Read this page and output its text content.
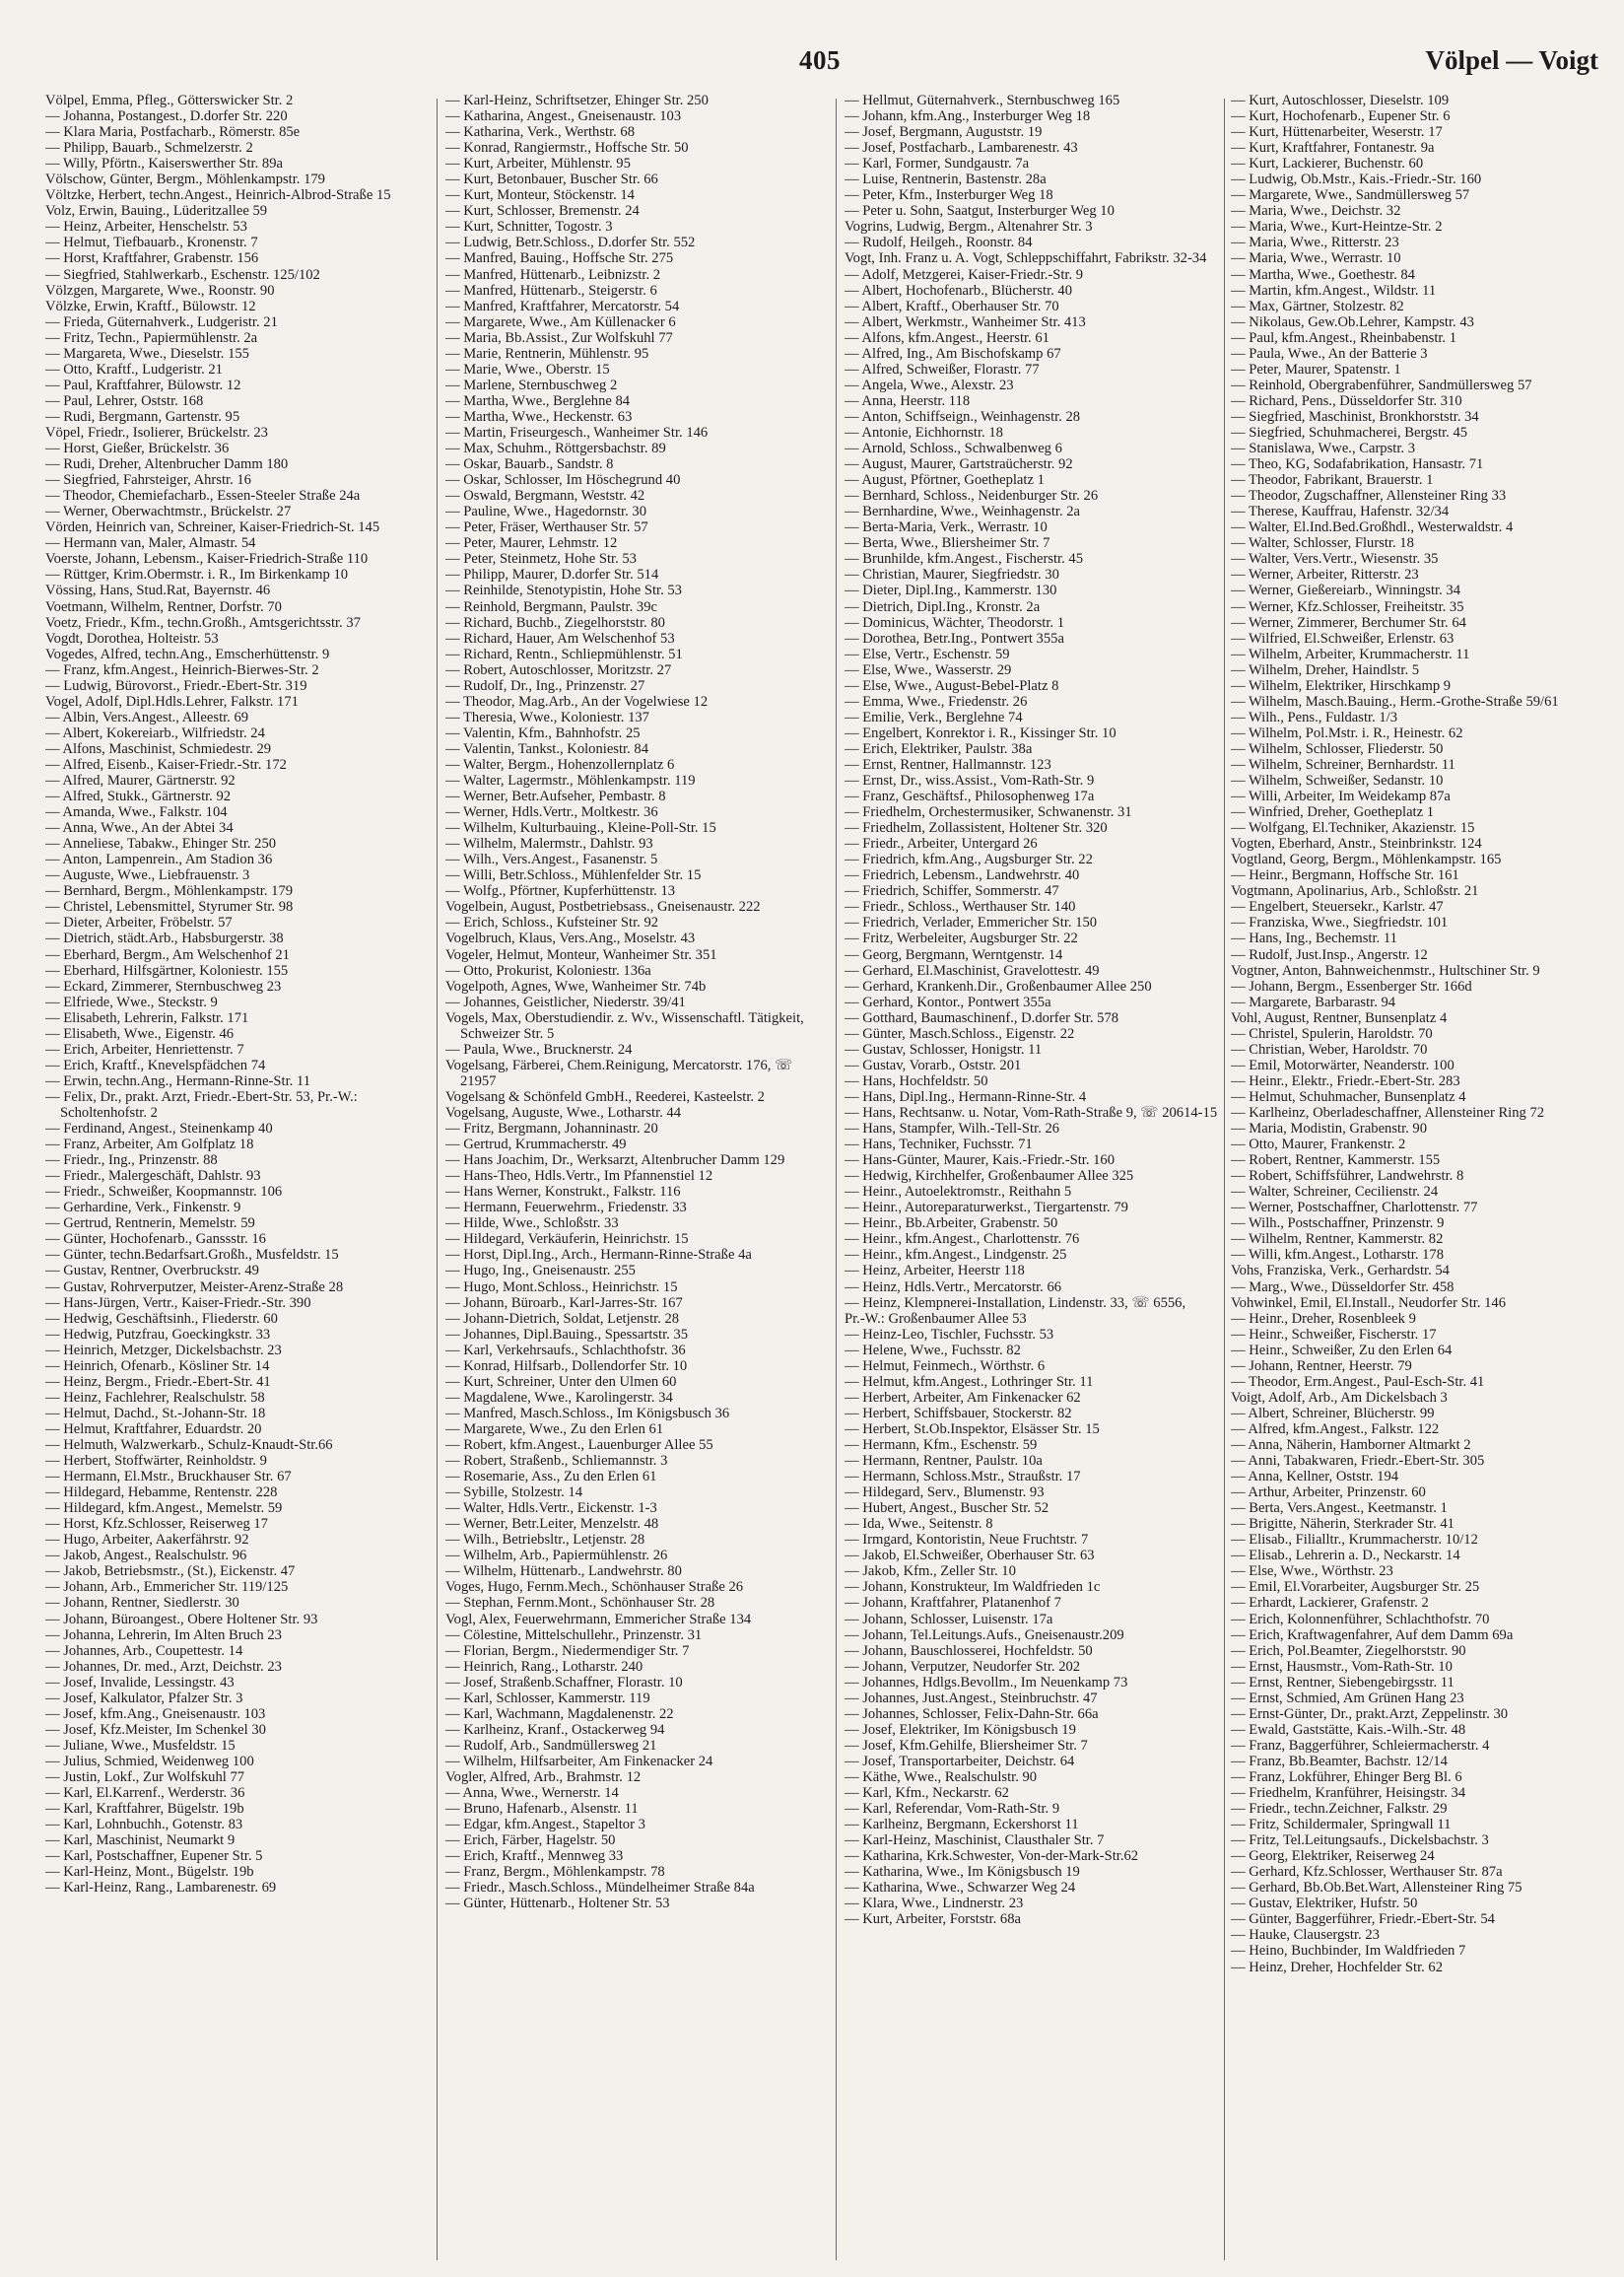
405	Völpel — Voigt
Völpel, Emma, Pfleg., Götterswicker Str. 2
— Johanna, Postangest., D.dorfer Str. 220
— Klara Maria, Postfacharb., Römerstr. 85e
— Philipp, Bauarb., Schmelzerstr. 2
— Willy, Pförtn., Kaiserswerther Str. 89a
Völschow, Günter, Bergm., Möhlenkampstr. 179
Völtzke, Herbert, techn.Angest., Heinrich-Albrod-Straße 15
Volz, Erwin, Bauing., Lüderitzallee 59
— Heinz, Arbeiter, Henschelstr. 53
— Helmut, Tiefbauarb., Kronenstr. 7
— Horst, Kraftfahrer, Grabenstr. 156
— Siegfried, Stahlwerkarb., Eschenstr. 125/102
Völzgen, Margarete, Wwe., Roonstr. 90
Völzke, Erwin, Kraftf., Bülowstr. 12
— Frieda, Güternahverk., Ludgeristr. 21
— Fritz, Techn., Papiermühlenstr. 2a
— Margareta, Wwe., Dieselstr. 155
— Otto, Kraftf., Ludgeristr. 21
— Paul, Kraftfahrer, Bülowstr. 12
— Paul, Lehrer, Oststr. 168
— Rudi, Bergmann, Gartenstr. 95
Vöpel, Friedr., Isolierer, Brückelstr. 23
— Horst, Gießer, Brückelstr. 36
— Rudi, Dreher, Altenbrucher Damm 180
— Siegfried, Fahrsteiger, Ahrstr. 16
— Theodor, Chemiefacharb., Essen-Steeler Straße 24a
— Werner, Oberwachtmstr., Brückelstr. 27
Vörden, Heinrich van, Schreiner, Kaiser-Friedrich-St. 145
— Hermann van, Maler, Almastr. 54
Voerste, Johann, Lebensm., Kaiser-Friedrich-Straße 110
— Rüttger, Krim.Obermstr. i. R., Im Birkenkamp 10
Vössing, Hans, Stud.Rat, Bayernstr. 46
Voetmann, Wilhelm, Rentner, Dorfstr. 70
Voetz, Friedr., Kfm., techn.Großh., Amtsgerichtsstr. 37
Vogdt, Dorothea, Holteistr. 53
Vogedes, Alfred, techn.Ang., Emscherhüttenstr. 9
— Franz, kfm.Angest., Heinrich-Bierwes-Str. 2
— Ludwig, Bürovorst., Friedr.-Ebert-Str. 319
Vogel, Adolf, Dipl.Hdls.Lehrer, Falkstr. 171
— Albin, Vers.Angest., Alleestr. 69
— Albert, Kokereiarb., Wilfriedstr. 24
— Alfons, Maschinist, Schmiedestr. 29
— Alfred, Eisenb., Kaiser-Friedr.-Str. 172
— Alfred, Maurer, Gärtnerstr. 92
— Alfred, Stukk., Gärtnerstr. 92
— Amanda, Wwe., Falkstr. 104
— Anna, Wwe., An der Abtei 34
— Anneliese, Tabakw., Ehinger Str. 250
— Anton, Lampenrein., Am Stadion 36
— Auguste, Wwe., Liebfrauenstr. 3
— Bernhard, Bergm., Möhlenkampstr. 179
— Christel, Lebensmittel, Styrumer Str. 98
— Dieter, Arbeiter, Fröbelstr. 57
— Dietrich, städt.Arb., Habsburgerstr. 38
— Eberhard, Bergm., Am Welschenhof 21
— Eberhard, Hilfsgärtner, Koloniestr. 155
— Eckard, Zimmerer, Sternbuschweg 23
— Elfriede, Wwe., Steckstr. 9
— Elisabeth, Lehrerin, Falkstr. 171
— Elisabeth, Wwe., Eigenstr. 46
— Erich, Arbeiter, Henriettenstr. 7
— Erich, Kraftf., Knevelspfädchen 74
— Erwin, techn.Ang., Hermann-Rinne-Str. 11
— Felix, Dr., prakt. Arzt, Friedr.-Ebert-Str. 53, Pr.-W.: Scholtenhofstr. 2
— Ferdinand, Angest., Steinenkamp 40
— Franz, Arbeiter, Am Golfplatz 18
— Friedr., Ing., Prinzenstr. 88
— Friedr., Malergeschäft, Dahlstr. 93
— Friedr., Schweißer, Koopmannstr. 106
— Gerhardine, Verk., Finkenstr. 9
— Gertrud, Rentnerin, Memelstr. 59
— Günter, Hochofenarb., Ganssstr. 16
— Günter, techn.Bedarfsart.Großh., Musfeldstr. 15
— Gustav, Rentner, Overbruckstr. 49
— Gustav, Rohrverputzer, Meister-Arenz-Straße 28
— Hans-Jürgen, Vertr., Kaiser-Friedr.-Str. 390
— Hedwig, Geschäftsinh., Fliederstr. 60
— Hedwig, Putzfrau, Goeckingkstr. 33
— Heinrich, Metzger, Dickelsbachstr. 23
— Heinrich, Ofenarb., Kösliner Str. 14
— Heinz, Bergm., Friedr.-Ebert-Str. 41
— Heinz, Fachlehrer, Realschulstr. 58
— Helmut, Dachd., St.-Johann-Str. 18
— Helmut, Kraftfahrer, Eduardstr. 20
— Helmuth, Walzwerkarb., Schulz-Knaudt-Str.66
— Herbert, Stoffwärter, Reinholdstr. 9
— Hermann, El.Mstr., Bruckhauser Str. 67
— Hildegard, Hebamme, Rentenstr. 228
— Hildegard, kfm.Angest., Memelstr. 59
— Horst, Kfz.Schlosser, Reiserweg 17
— Hugo, Arbeiter, Aakerfährstr. 92
— Jakob, Angest., Realschulstr. 96
— Jakob, Betriebsmstr., (St.), Eickenstr. 47
— Johann, Arb., Emmericher Str. 119/125
— Johann, Rentner, Siedlerstr. 30
— Johann, Büroangest., Obere Holtener Str. 93
— Johanna, Lehrerin, Im Alten Bruch 23
— Johannes, Arb., Coupettestr. 14
— Johannes, Dr. med., Arzt, Deichstr. 23
— Josef, Invalide, Lessingstr. 43
— Josef, Kalkulator, Pfalzer Str. 3
— Josef, kfm.Ang., Gneisenaustr. 103
— Josef, Kfz.Meister, Im Schenkel 30
— Juliane, Wwe., Musfeldstr. 15
— Julius, Schmied, Weidenweg 100
— Justin, Lokf., Zur Wolfskuhl 77
— Karl, El.Karrenf., Werderstr. 36
— Karl, Kraftfahrer, Bügelstr. 19b
— Karl, Lohnbuchh., Gotenstr. 83
— Karl, Maschinist, Neumarkt 9
— Karl, Postschaffner, Eupener Str. 5
— Karl-Heinz, Mont., Bügelstr. 19b
— Karl-Heinz, Rang., Lambarenestr. 69
— Karl-Heinz, Schriftsetzer, Ehinger Str. 250
— Katharina, Angest., Gneisenaustr. 103
— Katharina, Verk., Werthstr. 68
— Konrad, Rangiermstr., Hoffsche Str. 50
— Kurt, Arbeiter, Mühlenstr. 95
— Kurt, Betonbauer, Buscher Str. 66
— Kurt, Monteur, Stöckenstr. 14
— Kurt, Schlosser, Bremenstr. 24
— Kurt, Schnitter, Togostr. 3
— Ludwig, Betr.Schloss., D.dorfer Str. 552
— Manfred, Bauing., Hoffsche Str. 275
— Manfred, Hüttenarb., Leibnizstr. 2
— Manfred, Hüttenarb., Steigerstr. 6
— Manfred, Kraftfahrer, Mercatorstr. 54
— Margarete, Wwe., Am Küllenacker 6
— Maria, Bb.Assist., Zur Wolfskuhl 77
— Marie, Rentnerin, Mühlenstr. 95
— Marie, Wwe., Oberstr. 15
— Marlene, Sternbuschweg 2
— Martha, Wwe., Berglehne 84
— Martha, Wwe., Heckenstr. 63
— Martin, Friseurgesch., Wanheimer Str. 146
— Max, Schuhm., Röttgersbachstr. 89
— Oskar, Bauarb., Sandstr. 8
— Oskar, Schlosser, Im Höschegrund 40
— Oswald, Bergmann, Weststr. 42
— Pauline, Wwe., Hagedornstr. 30
— Peter, Fräser, Werthauser Str. 57
— Peter, Maurer, Lehmstr. 12
— Peter, Steinmetz, Hohe Str. 53
— Philipp, Maurer, D.dorfer Str. 514
— Reinhilde, Stenotypistin, Hohe Str. 53
— Reinhold, Bergmann, Paulstr. 39c
— Richard, Buchb., Ziegelhorststr. 80
— Richard, Hauer, Am Welschenhof 53
— Richard, Rentn., Schliepmühlenstr. 51
— Robert, Autoschlosser, Moritzstr. 27
— Rudolf, Dr., Ing., Prinzenstr. 27
— Theodor, Mag.Arb., An der Vogelwiese 12
— Theresia, Wwe., Koloniestr. 137
— Valentin, Kfm., Bahnhofstr. 25
— Valentin, Tankst., Koloniestr. 84
— Walter, Bergm., Hohenzollernplatz 6
— Walter, Lagermstr., Möhlenkampstr. 119
— Werner, Betr.Aufseher, Pembastr. 8
— Werner, Hdls.Vertr., Moltkestr. 36
— Wilhelm, Kulturbauing., Kleine-Poll-Str. 15
— Wilhelm, Malermstr., Dahlstr. 93
— Wilh., Vers.Angest., Fasanenstr. 5
— Willi, Betr.Schloss., Mühlenfelder Str. 15
— Wolfg., Pförtner, Kupferhüttenstr. 13
Vogelbein, August, Postbetriebsass., Gneisenaustr. 222
— Erich, Schloss., Kufsteiner Str. 92
Vogelbruch, Klaus, Vers.Ang., Moselstr. 43
Vogeler, Helmut, Monteur, Wanheimer Str. 351
— Otto, Prokurist, Koloniestr. 136a
Vogelpoth, Agnes, Wwe, Wanheimer Str. 74b
— Johannes, Geistlicher, Niederstr. 39/41
Vogels, Max, Oberstudiendir. z. Wv., Wissenschaftl. Tätigkeit, Schweizer Str. 5
— Paula, Wwe., Brucknerstr. 24
Vogelsang, Färberei, Chem.Reinigung, Mercatorstr. 176, ☏ 21957
Vogelsang & Schönfeld GmbH., Reederei, Kasteelstr. 2
Vogelsang, Auguste, Wwe., Lotharstr. 44
— Fritz, Bergmann, Johanninastr. 20
— Gertrud, Krummacherstr. 49
— Hans Joachim, Dr., Werksarzt, Altenbrucher Damm 129
— Hans-Theo, Hdls.Vertr., Im Pfannenstiel 12
— Hans Werner, Konstrukt., Falkstr. 116
— Hermann, Feuerwehrm., Friedenstr. 33
— Hilde, Wwe., Schloßstr. 33
— Hildegard, Verkäuferin, Heinrichstr. 15
— Horst, Dipl.Ing., Arch., Hermann-Rinne-Straße 4a
— Hugo, Ing., Gneisenaustr. 255
— Hugo, Mont.Schloss., Heinrichstr. 15
— Johann, Büroarb., Karl-Jarres-Str. 167
— Johann-Dietrich, Soldat, Letjenstr. 28
— Johannes, Dipl.Bauing., Spessartstr. 35
— Karl, Verkehrsaufs., Schlachthofstr. 36
— Konrad, Hilfsarb., Dollendorfer Str. 10
— Kurt, Schreiner, Unter den Ulmen 60
— Magdalene, Wwe., Karolingerstr. 34
— Manfred, Masch.Schloss., Im Königsbusch 36
— Margarete, Wwe., Zu den Erlen 61
— Robert, kfm.Angest., Lauenburger Allee 55
— Robert, Straßenb., Schliemannstr. 3
— Rosemarie, Ass., Zu den Erlen 61
— Sybille, Stolzestr. 14
— Walter, Hdls.Vertr., Eickenstr. 1-3
— Werner, Betr.Leiter, Menzelstr. 48
— Wilh., Betriebsltr., Letjenstr. 28
— Wilhelm, Arb., Papiermühlenstr. 26
— Wilhelm, Hüttenarb., Landwehrstr. 80
Voges, Hugo, Fernm.Mech., Schönhauser Straße 26
— Stephan, Fernm.Mont., Schönhauser Str. 28
Vogl, Alex, Feuerwehrmann, Emmericher Straße 134
— Cölestine, Mittelschullehr., Prinzenstr. 31
— Florian, Bergm., Niedermendiger Str. 7
— Heinrich, Rang., Lotharstr. 240
— Josef, Straßenb.Schaffner, Florastr. 10
— Karl, Schlosser, Kammerstr. 119
— Karl, Wachmann, Magdalenenstr. 22
— Karlheinz, Kranf., Ostackerweg 94
— Rudolf, Arb., Sandmüllersweg 21
— Wilhelm, Hilfsarbeiter, Am Finkenacker 24
Vogler, Alfred, Arb., Brahmstr. 12
— Anna, Wwe., Wernerstr. 14
— Bruno, Hafenarb., Alsenstr. 11
— Edgar, kfm.Angest., Stapeltor 3
— Erich, Färber, Hagelstr. 50
— Erich, Kraftf., Mennweg 33
— Franz, Bergm., Möhlenkampstr. 78
— Friedr., Masch.Schloss., Mündelheimer Straße 84a
— Günter, Hüttenarb., Holtener Str. 53
— Hellmut, Güternahverk., Sternbuschweg 165
— Johann, kfm.Ang., Insterburger Weg 18
— Josef, Bergmann, Auguststr. 19
— Josef, Postfacharb., Lambarenestr. 43
— Karl, Former, Sundgaustr. 7a
— Luise, Rentnerin, Bastenstr. 28a
— Peter, Kfm., Insterburger Weg 18
— Peter u. Sohn, Saatgut, Insterburger Weg 10
Vogrins, Ludwig, Bergm., Altenahrer Str. 3
— Rudolf, Heilgeh., Roonstr. 84
Vogt, Inh. Franz u. A. Vogt, Schleppschiffahrt, Fabrikstr. 32-34
— Adolf, Metzgerei, Kaiser-Friedr.-Str. 9
— Albert, Hochofenarb., Blücherstr. 40
— Albert, Kraftf., Oberhauser Str. 70
— Albert, Werkmstr., Wanheimer Str. 413
— Alfons, kfm.Angest., Heerstr. 61
— Alfred, Ing., Am Bischofskamp 67
— Alfred, Schweißer, Florastr. 77
— Angela, Wwe., Alexstr. 23
— Anna, Heerstr. 118
— Anton, Schiffseign., Weinhagenstr. 28
— Antonie, Eichhornstr. 18
— Arnold, Schloss., Schwalbenweg 6
— August, Maurer, Gartstraücherstr. 92
— August, Pförtner, Goetheplatz 1
— Bernhard, Schloss., Neidenburger Str. 26
— Bernhardine, Wwe., Weinhagenstr. 2a
— Berta-Maria, Verk., Werrastr. 10
— Berta, Wwe., Bliersheimer Str. 7
— Brunhilde, kfm.Angest., Fischerstr. 45
— Christian, Maurer, Siegfriedstr. 30
— Dieter, Dipl.Ing., Kammerstr. 130
— Dietrich, Dipl.Ing., Kronstr. 2a
— Dominicus, Wächter, Theodorstr. 1
— Dorothea, Betr.Ing., Pontwert 355a
— Else, Vertr., Eschenstr. 59
— Else, Wwe., Wasserstr. 29
— Else, Wwe., August-Bebel-Platz 8
— Emma, Wwe., Friedenstr. 26
— Emilie, Verk., Berglehne 74
— Engelbert, Konrektor i. R., Kissinger Str. 10
— Erich, Elektriker, Paulstr. 38a
— Ernst, Rentner, Hallmannstr. 123
— Ernst, Dr., wiss.Assist., Vom-Rath-Str. 9
— Franz, Geschäftsf., Philosophenweg 17a
— Friedhelm, Orchestermusiker, Schwanenstr. 31
— Friedhelm, Zollassistent, Holtener Str. 320
— Friedr., Arbeiter, Untergard 26
— Friedrich, kfm.Ang., Augsburger Str. 22
— Friedrich, Lebensm., Landwehrstr. 40
— Friedrich, Schiffer, Sommerstr. 47
— Friedr., Schloss., Werthauser Str. 140
— Friedrich, Verlader, Emmericher Str. 150
— Fritz, Werbeleiter, Augsburger Str. 22
— Georg, Bergmann, Werntgenstr. 14
— Gerhard, El.Maschinist, Gravelottestr. 49
— Gerhard, Krankenh.Dir., Großenbaumer Allee 250
— Gerhard, Kontor., Pontwert 355a
— Gotthard, Baumaschinenf., D.dorfer Str. 578
— Günter, Masch.Schloss., Eigenstr. 22
— Gustav, Schlosser, Honigstr. 11
— Gustav, Vorarb., Oststr. 201
— Hans, Hochfeldstr. 50
— Hans, Dipl.Ing., Hermann-Rinne-Str. 4
— Hans, Rechtsanw. u. Notar, Vom-Rath-Straße 9, ☏ 20614-15
— Hans, Stampfer, Wilh.-Tell-Str. 26
— Hans, Techniker, Fuchsstr. 71
— Hans-Günter, Maurer, Kais.-Friedr.-Str. 160
— Hedwig, Kirchhelfer, Großenbaumer Allee 325
— Heinr., Autoelektromstr., Reithahn 5
— Heinr., Autoreparaturwerkst., Tiergartenstr. 79
— Heinr., Bb.Arbeiter, Grabenstr. 50
— Heinr., kfm.Angest., Charlottenstr. 76
— Heinr., kfm.Angest., Lindgenstr. 25
— Heinz, Arbeiter, Heerstr 118
— Heinz, Hdls.Vertr., Mercatorstr. 66
— Heinz, Klempnerei-Installation, Lindenstr. 33, ☏ 6556,
Pr.-W.: Großenbaumer Allee 53
— Heinz-Leo, Tischler, Fuchsstr. 53
— Helene, Wwe., Fuchsstr. 82
— Helmut, Feinmech., Wörthstr. 6
— Helmut, kfm.Angest., Lothringer Str. 11
— Herbert, Arbeiter, Am Finkenacker 62
— Herbert, Schiffsbauer, Stockerstr. 82
— Herbert, St.Ob.Inspektor, Elsässer Str. 15
— Hermann, Kfm., Eschenstr. 59
— Hermann, Rentner, Paulstr. 10a
— Hermann, Schloss.Mstr., Straußstr. 17
— Hildegard, Serv., Blumenstr. 93
— Hubert, Angest., Buscher Str. 52
— Ida, Wwe., Seitenstr. 8
— Irmgard, Kontoristin, Neue Fruchtstr. 7
— Jakob, El.Schweißer, Oberhauser Str. 63
— Jakob, Kfm., Zeller Str. 10
— Johann, Konstrukteur, Im Waldfrieden 1c
— Johann, Kraftfahrer, Platanenhof 7
— Johann, Schlosser, Luisenstr. 17a
— Johann, Tel.Leitungs.Aufs., Gneisenaustr.209
— Johann, Bauschlosserei, Hochfeldstr. 50
— Johann, Verputzer, Neudorfer Str. 202
— Johannes, Hdlgs.Bevollm., Im Neuenkamp 73
— Johannes, Just.Angest., Steinbruchstr. 47
— Johannes, Schlosser, Felix-Dahn-Str. 66a
— Josef, Elektriker, Im Königsbusch 19
— Josef, Kfm.Gehilfe, Bliersheimer Str. 7
— Josef, Transportarbeiter, Deichstr. 64
— Käthe, Wwe., Realschulstr. 90
— Karl, Kfm., Neckarstr. 62
— Karl, Referendar, Vom-Rath-Str. 9
— Karlheinz, Bergmann, Eckershorst 11
— Karl-Heinz, Maschinist, Clausthaler Str. 7
— Katharina, Krk.Schwester, Von-der-Mark-Str.62
— Katharina, Wwe., Im Königsbusch 19
— Katharina, Wwe., Schwarzer Weg 24
— Klara, Wwe., Lindnerstr. 23
— Kurt, Arbeiter, Forststr. 68a
— Kurt, Autoschlosser, Dieselstr. 109
— Kurt, Hochofenarb., Eupener Str. 6
— Kurt, Hüttenarbeiter, Weserstr. 17
— Kurt, Kraftfahrer, Fontanestr. 9a
— Kurt, Lackierer, Buchenstr. 60
— Ludwig, Ob.Mstr., Kais.-Friedr.-Str. 160
— Margarete, Wwe., Sandmüllersweg 57
— Maria, Wwe., Deichstr. 32
— Maria, Wwe., Kurt-Heintze-Str. 2
— Maria, Wwe., Ritterstr. 23
— Maria, Wwe., Werrastr. 10
— Martha, Wwe., Goethestr. 84
— Martin, kfm.Angest., Wildstr. 11
— Max, Gärtner, Stolzestr. 82
— Nikolaus, Gew.Ob.Lehrer, Kampstr. 43
— Paul, kfm.Angest., Rheinbabenstr. 1
— Paula, Wwe., An der Batterie 3
— Peter, Maurer, Spatenstr. 1
— Reinhold, Obergrabenführer, Sandmüllersweg 57
— Richard, Pens., Düsseldorfer Str. 310
— Siegfried, Maschinist, Bronkhorststr. 34
— Siegfried, Schuhmacherei, Bergstr. 45
— Stanislawa, Wwe., Carpstr. 3
— Theo, KG, Sodafabrikation, Hansastr. 71
— Theodor, Fabrikant, Brauerstr. 1
— Theodor, Zugschaffner, Allensteiner Ring 33
— Therese, Kauffrau, Hafenstr. 32/34
— Walter, El.Ind.Bed.Großhdl., Westerwaldstr. 4
— Walter, Schlosser, Flurstr. 18
— Walter, Vers.Vertr., Wiesenstr. 35
— Werner, Arbeiter, Ritterstr. 23
— Werner, Gießereiarb., Winningstr. 34
— Werner, Kfz.Schlosser, Freiheitstr. 35
— Werner, Zimmerer, Berchumer Str. 64
— Wilfried, El.Schweißer, Erlenstr. 63
— Wilhelm, Arbeiter, Krummacherstr. 11
— Wilhelm, Dreher, Haindlstr. 5
— Wilhelm, Elektriker, Hirschkamp 9
— Wilhelm, Masch.Bauing., Herm.-Grothe-Straße 59/61
— Wilh., Pens., Fuldastr. 1/3
— Wilhelm, Pol.Mstr. i. R., Heinestr. 62
— Wilhelm, Schlosser, Fliederstr. 50
— Wilhelm, Schreiner, Bernhardstr. 11
— Wilhelm, Schweißer, Sedanstr. 10
— Willi, Arbeiter, Im Weidekamp 87a
— Winfried, Dreher, Goetheplatz 1
— Wolfgang, El.Techniker, Akazienstr. 15
Vogten, Eberhard, Anstr., Steinbrinkstr. 124
Vogtland, Georg, Bergm., Möhlenkampstr. 165
— Heinr., Bergmann, Hoffsche Str. 161
Vogtmann, Apolinarius, Arb., Schloßstr. 21
— Engelbert, Steuersekr., Karlstr. 47
— Franziska, Wwe., Siegfriedstr. 101
— Hans, Ing., Bechemstr. 11
— Rudolf, Just.Insp., Angerstr. 12
Vogtner, Anton, Bahnweichenmstr., Hultschiner Str. 9
— Johann, Bergm., Essenberger Str. 166d
— Margarete, Barbarastr. 94
Vohl, August, Rentner, Bunsenplatz 4
— Christel, Spulerin, Haroldstr. 70
— Christian, Weber, Haroldstr. 70
— Emil, Motorwärter, Neanderstr. 100
— Heinr., Elektr., Friedr.-Ebert-Str. 283
— Helmut, Schuhmacher, Bunsenplatz 4
— Karlheinz, Oberladeschaffner, Allensteiner Ring 72
— Maria, Modistin, Grabenstr. 90
— Otto, Maurer, Frankenstr. 2
— Robert, Rentner, Kammerstr. 155
— Robert, Schiffsführer, Landwehrstr. 8
— Walter, Schreiner, Cecilienstr. 24
— Werner, Postschaffner, Charlottenstr. 77
— Wilh., Postschaffner, Prinzenstr. 9
— Wilhelm, Rentner, Kammerstr. 82
— Willi, kfm.Angest., Lotharstr. 178
Vohs, Franziska, Verk., Gerhardstr. 54
— Marg., Wwe., Düsseldorfer Str. 458
Vohwinkel, Emil, El.Install., Neudorfer Str. 146
— Heinr., Dreher, Rosenbleek 9
— Heinr., Schweißer, Fischerstr. 17
— Heinr., Schweißer, Zu den Erlen 64
— Johann, Rentner, Heerstr. 79
— Theodor, Erm.Angest., Paul-Esch-Str. 41
Voigt, Adolf, Arb., Am Dickelsbach 3
— Albert, Schreiner, Blücherstr. 99
— Alfred, kfm.Angest., Falkstr. 122
— Anna, Näherin, Hamborner Altmarkt 2
— Anni, Tabakwaren, Friedr.-Ebert-Str. 305
— Anna, Kellner, Oststr. 194
— Arthur, Arbeiter, Prinzenstr. 60
— Berta, Vers.Angest., Keetmanstr. 1
— Brigitte, Näherin, Sterkrader Str. 41
— Elisab., Filialltr., Krummacherstr. 10/12
— Elisab., Lehrerin a. D., Neckarstr. 14
— Else, Wwe., Wörthstr. 23
— Emil, El.Vorarbeiter, Augsburger Str. 25
— Erhardt, Lackierer, Grafenstr. 2
— Erich, Kolonnenführer, Schlachthofstr. 70
— Erich, Kraftwagenfahrer, Auf dem Damm 69a
— Erich, Pol.Beamter, Ziegelhorststr. 90
— Ernst, Hausmstr., Vom-Rath-Str. 10
— Ernst, Rentner, Siebengebirgsstr. 11
— Ernst, Schmied, Am Grünen Hang 23
— Ernst-Günter, Dr., prakt.Arzt, Zeppelinstr. 30
— Ewald, Gaststätte, Kais.-Wilh.-Str. 48
— Franz, Baggerführer, Schleiermacherstr. 4
— Franz, Bb.Beamter, Bachstr. 12/14
— Franz, Lokführer, Ehinger Berg Bl. 6
— Friedhelm, Kranführer, Heisingstr. 34
— Friedr., techn.Zeichner, Falkstr. 29
— Fritz, Schildermaler, Springwall 11
— Fritz, Tel.Leitungsaufs., Dickelsbachstr. 3
— Georg, Elektriker, Reiserweg 24
— Gerhard, Kfz.Schlosser, Werthauser Str. 87a
— Gerhard, Bb.Ob.Bet.Wart, Allensteiner Ring 75
— Gustav, Elektriker, Hufstr. 50
— Günter, Baggerführer, Friedr.-Ebert-Str. 54
— Hauke, Clausergstr. 23
— Heino, Buchbinder, Im Waldfrieden 7
— Heinz, Dreher, Hochfelder Str. 62
